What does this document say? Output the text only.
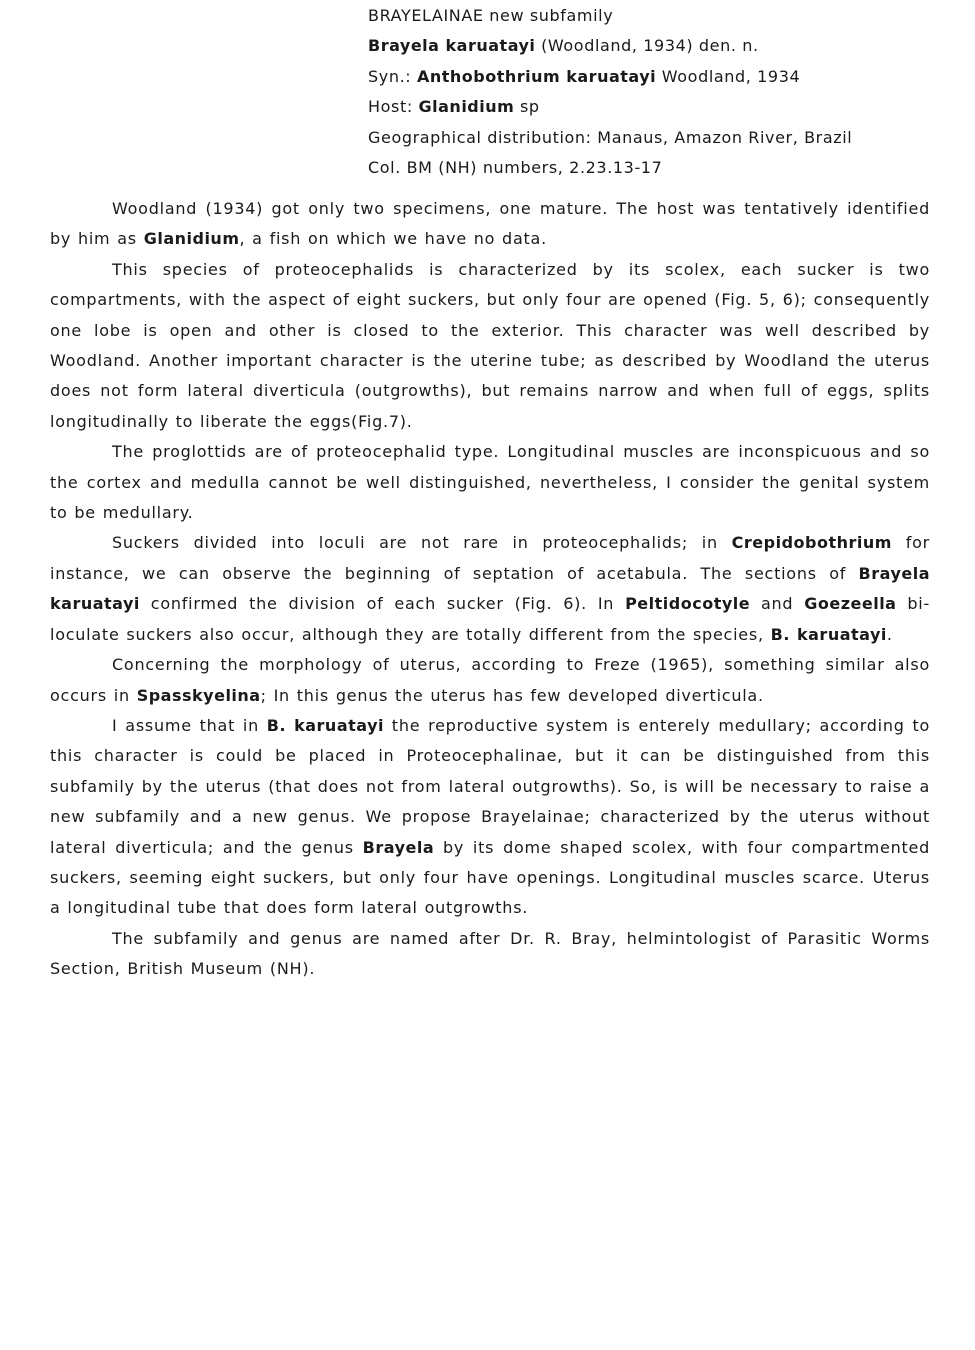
BRAYELAINAE new subfamily
Brayela karuatayi (Woodland, 1934) den. n.
Syn.: Anthobothrium karuatayi Woodland, 1934
Host: Glanidium sp
Geographical distribution: Manaus, Amazon River, Brazil
Col. BM (NH) numbers, 2.23.13-17

Woodland (1934) got only two specimens, one mature. The host was tentatively identified by him as Glanidium, a fish on which we have no data.

This species of proteocephalids is characterized by its scolex, each sucker is two compartments, with the aspect of eight suckers, but only four are opened (Fig. 5, 6); consequently one lobe is open and other is closed to the exterior. This character was well described by Woodland. Another important character is the uterine tube; as described by Woodland the uterus does not form lateral diverticula (outgrowths), but remains narrow and when full of eggs, splits longitudinally to liberate the eggs(Fig.7).

The proglottids are of proteocephalid type. Longitudinal muscles are inconspicuous and so the cortex and medulla cannot be well distinguished, nevertheless, I consider the genital system to be medullary.

Suckers divided into loculi are not rare in proteocephalids; in Crepidobothrium for instance, we can observe the beginning of septation of acetabula. The sections of Brayela karuatayi confirmed the division of each sucker (Fig. 6). In Peltidocotyle and Goezeella bi-loculate suckers also occur, although they are totally different from the species, B. karuatayi.

Concerning the morphology of uterus, according to Freze (1965), something similar also occurs in Spasskyelina; In this genus the uterus has few developed diverticula.

I assume that in B. karuatayi the reproductive system is enterely medullary; according to this character is could be placed in Proteocephalinae, but it can be distinguished from this subfamily by the uterus (that does not from lateral outgrowths). So, is will be necessary to raise a new subfamily and a new genus. We propose Brayelainae; characterized by the uterus without lateral diverticula; and the genus Brayela by its dome shaped scolex, with four compartmented suckers, seeming eight suckers, but only four have openings. Longitudinal muscles scarce. Uterus a longitudinal tube that does form lateral outgrowths.

The subfamily and genus are named after Dr. R. Bray, helmintologist of Parasitic Worms Section, British Museum (NH).
